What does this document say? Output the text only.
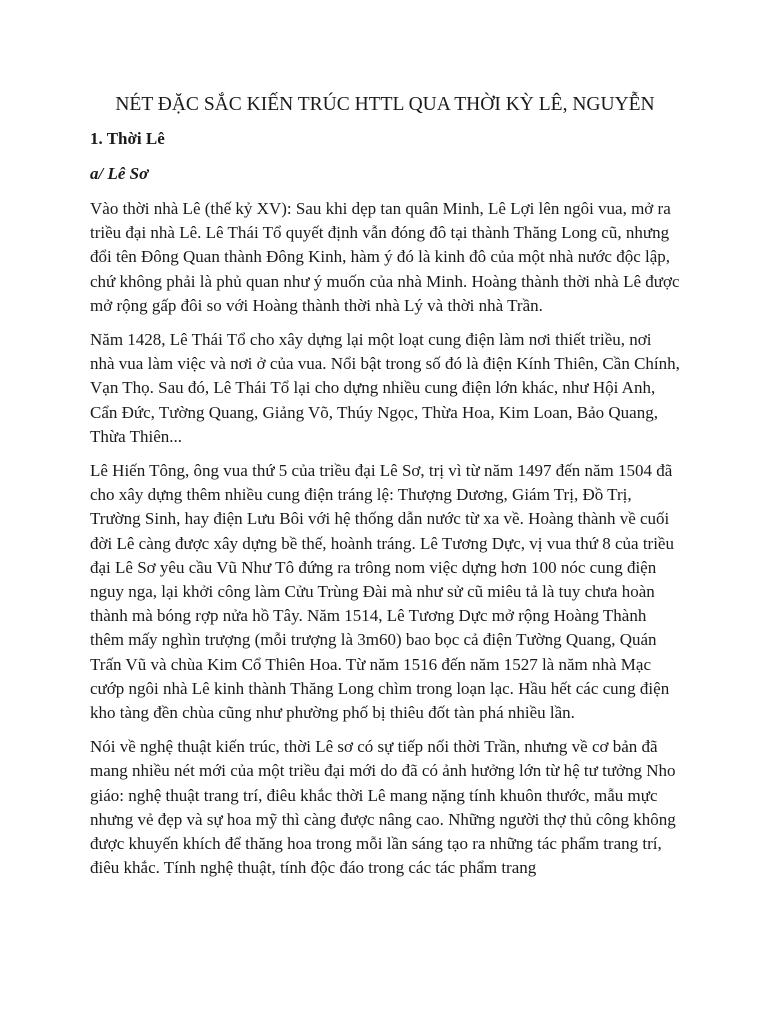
NÉT ĐẶC SẮC KIẾN TRÚC HTTL QUA THỜI KỲ LÊ, NGUYỄN
1. Thời Lê
a/ Lê Sơ

Vào thời nhà Lê (thế kỷ XV): Sau khi dẹp tan quân Minh, Lê Lợi lên ngôi vua, mở ra triều đại nhà Lê. Lê Thái Tổ quyết định vẫn đóng đô tại thành Thăng Long cũ, nhưng đổi tên Đông Quan thành Đông Kinh, hàm ý đó là kinh đô của một nhà nước độc lập, chứ không phải là phủ quan như ý muốn của nhà Minh. Hoàng thành thời nhà Lê được mở rộng gấp đôi so với Hoàng thành thời nhà Lý và thời nhà Trần.

Năm 1428, Lê Thái Tổ cho xây dựng lại một loạt cung điện làm nơi thiết triều, nơi nhà vua làm việc và nơi ở của vua. Nổi bật trong số đó là điện Kính Thiên, Cần Chính, Vạn Thọ. Sau đó, Lê Thái Tổ lại cho dựng nhiều cung điện lớn khác, như Hội Anh, Cẩn Đức, Tường Quang, Giảng Võ, Thúy Ngọc, Thừa Hoa, Kim Loan, Bảo Quang, Thừa Thiên...

Lê Hiến Tông, ông vua thứ 5 của triều đại Lê Sơ, trị vì từ năm 1497 đến năm 1504 đã cho xây dựng thêm nhiều cung điện tráng lệ: Thượng Dương, Giám Trị, Đồ Trị, Trường Sinh, hay điện Lưu Bôi với hệ thống dẫn nước từ xa về. Hoàng thành về cuối đời Lê càng được xây dựng bề thế, hoành tráng. Lê Tương Dực, vị vua thứ 8 của triều đại Lê Sơ yêu cầu Vũ Như Tô đứng ra trông nom việc dựng hơn 100 nóc cung điện nguy nga, lại khởi công làm Cửu Trùng Đài mà như sử cũ miêu tả là tuy chưa hoàn thành mà bóng rợp nửa hồ Tây. Năm 1514, Lê Tương Dực mở rộng Hoàng Thành thêm mấy nghìn trượng (mỗi trượng là 3m60) bao bọc cả điện Tường Quang, Quán Trấn Vũ và chùa Kim Cổ Thiên Hoa. Từ năm 1516 đến năm 1527 là năm nhà Mạc cướp ngôi nhà Lê kinh thành Thăng Long chìm trong loạn lạc. Hầu hết các cung điện kho tàng đền chùa cũng như phường phố bị thiêu đốt tàn phá nhiều lần.

Nói về nghệ thuật kiến trúc, thời Lê sơ có sự tiếp nối thời Trần, nhưng về cơ bản đã mang nhiều nét mới của một triều đại mới do đã có ảnh hưởng lớn từ hệ tư tưởng Nho giáo: nghệ thuật trang trí, điêu khắc thời Lê mang nặng tính khuôn thước, mẫu mực nhưng vẻ đẹp và sự hoa mỹ thì càng được nâng cao. Những người thợ thủ công không được khuyến khích để thăng hoa trong mỗi lần sáng tạo ra những tác phẩm trang trí, điêu khắc. Tính nghệ thuật, tính độc đáo trong các tác phẩm trang
